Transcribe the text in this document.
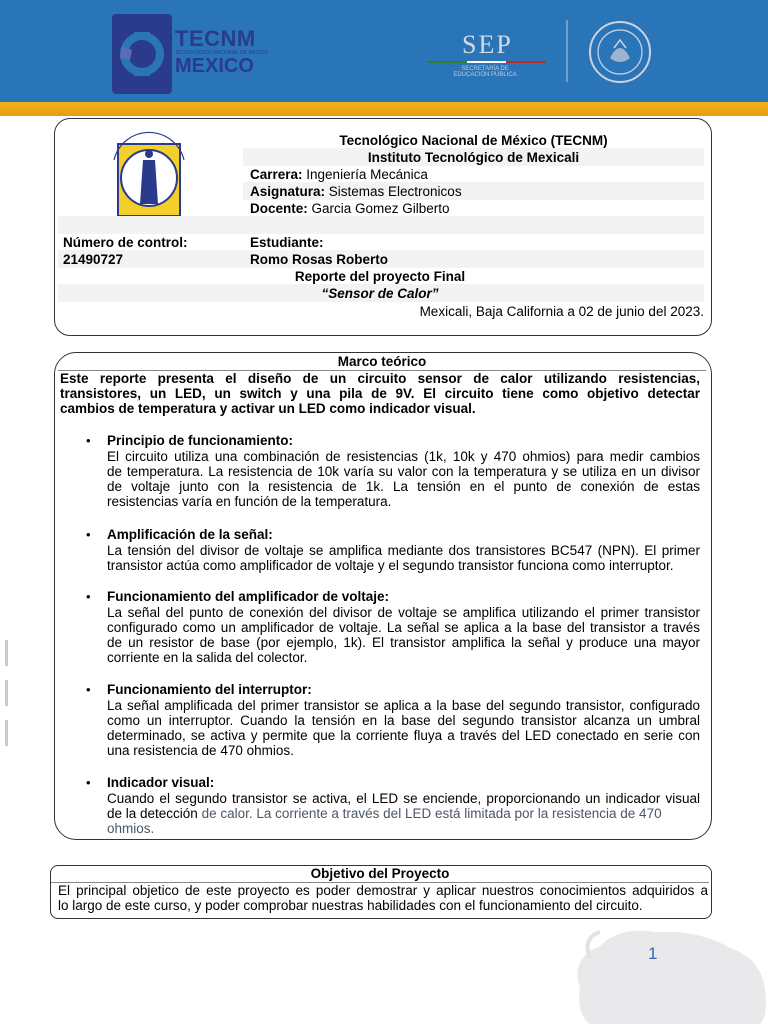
TECNM
TECNOLÓGICO NACIONAL DE MÉXICO
MEXICO
SEP
SECRETARÍA DE EDUCACIÓN PÚBLICA
Tecnológico Nacional de México (TECNM)
Instituto Tecnológico de Mexicali
Carrera: Ingeniería Mecánica
Asignatura: Sistemas Electronicos
Docente: Garcia Gomez Gilberto
Número de control:
21490727
Estudiante:
Romo Rosas Roberto
Reporte del proyecto Final
“Sensor de Calor”
Mexicali, Baja California a 02 de junio del 2023.
Marco teórico
Este reporte presenta el diseño de un circuito sensor de calor utilizando resistencias,
transistores, un LED, un switch y una pila de 9V. El circuito tiene como objetivo detectar
cambios de temperatura y activar un LED como indicador visual.
• Principio de funcionamiento:
El circuito utiliza una combinación de resistencias (1k, 10k y 470 ohmios) para medir cambios
de temperatura. La resistencia de 10k varía su valor con la temperatura y se utiliza en un divisor
de voltaje junto con la resistencia de 1k. La tensión en el punto de conexión de estas
resistencias varía en función de la temperatura.
• Amplificación de la señal:
La tensión del divisor de voltaje se amplifica mediante dos transistores BC547 (NPN). El primer
transistor actúa como amplificador de voltaje y el segundo transistor funciona como interruptor.
• Funcionamiento del amplificador de voltaje:
La señal del punto de conexión del divisor de voltaje se amplifica utilizando el primer transistor
configurado como un amplificador de voltaje. La señal se aplica a la base del transistor a través
de un resistor de base (por ejemplo, 1k). El transistor amplifica la señal y produce una mayor
corriente en la salida del colector.
• Funcionamiento del interruptor:
La señal amplificada del primer transistor se aplica a la base del segundo transistor, configurado
como un interruptor. Cuando la tensión en la base del segundo transistor alcanza un umbral
determinado, se activa y permite que la corriente fluya a través del LED conectado en serie con
una resistencia de 470 ohmios.
• Indicador visual:
Cuando el segundo transistor se activa, el LED se enciende, proporcionando un indicador visual
de la detección de calor. La corriente a través del LED está limitada por la resistencia de 470
ohmios.
Objetivo del Proyecto
El principal objetico de este proyecto es poder demostrar y aplicar nuestros conocimientos adquiridos a
lo largo de este curso, y poder comprobar nuestras habilidades con el funcionamiento del circuito.
1
